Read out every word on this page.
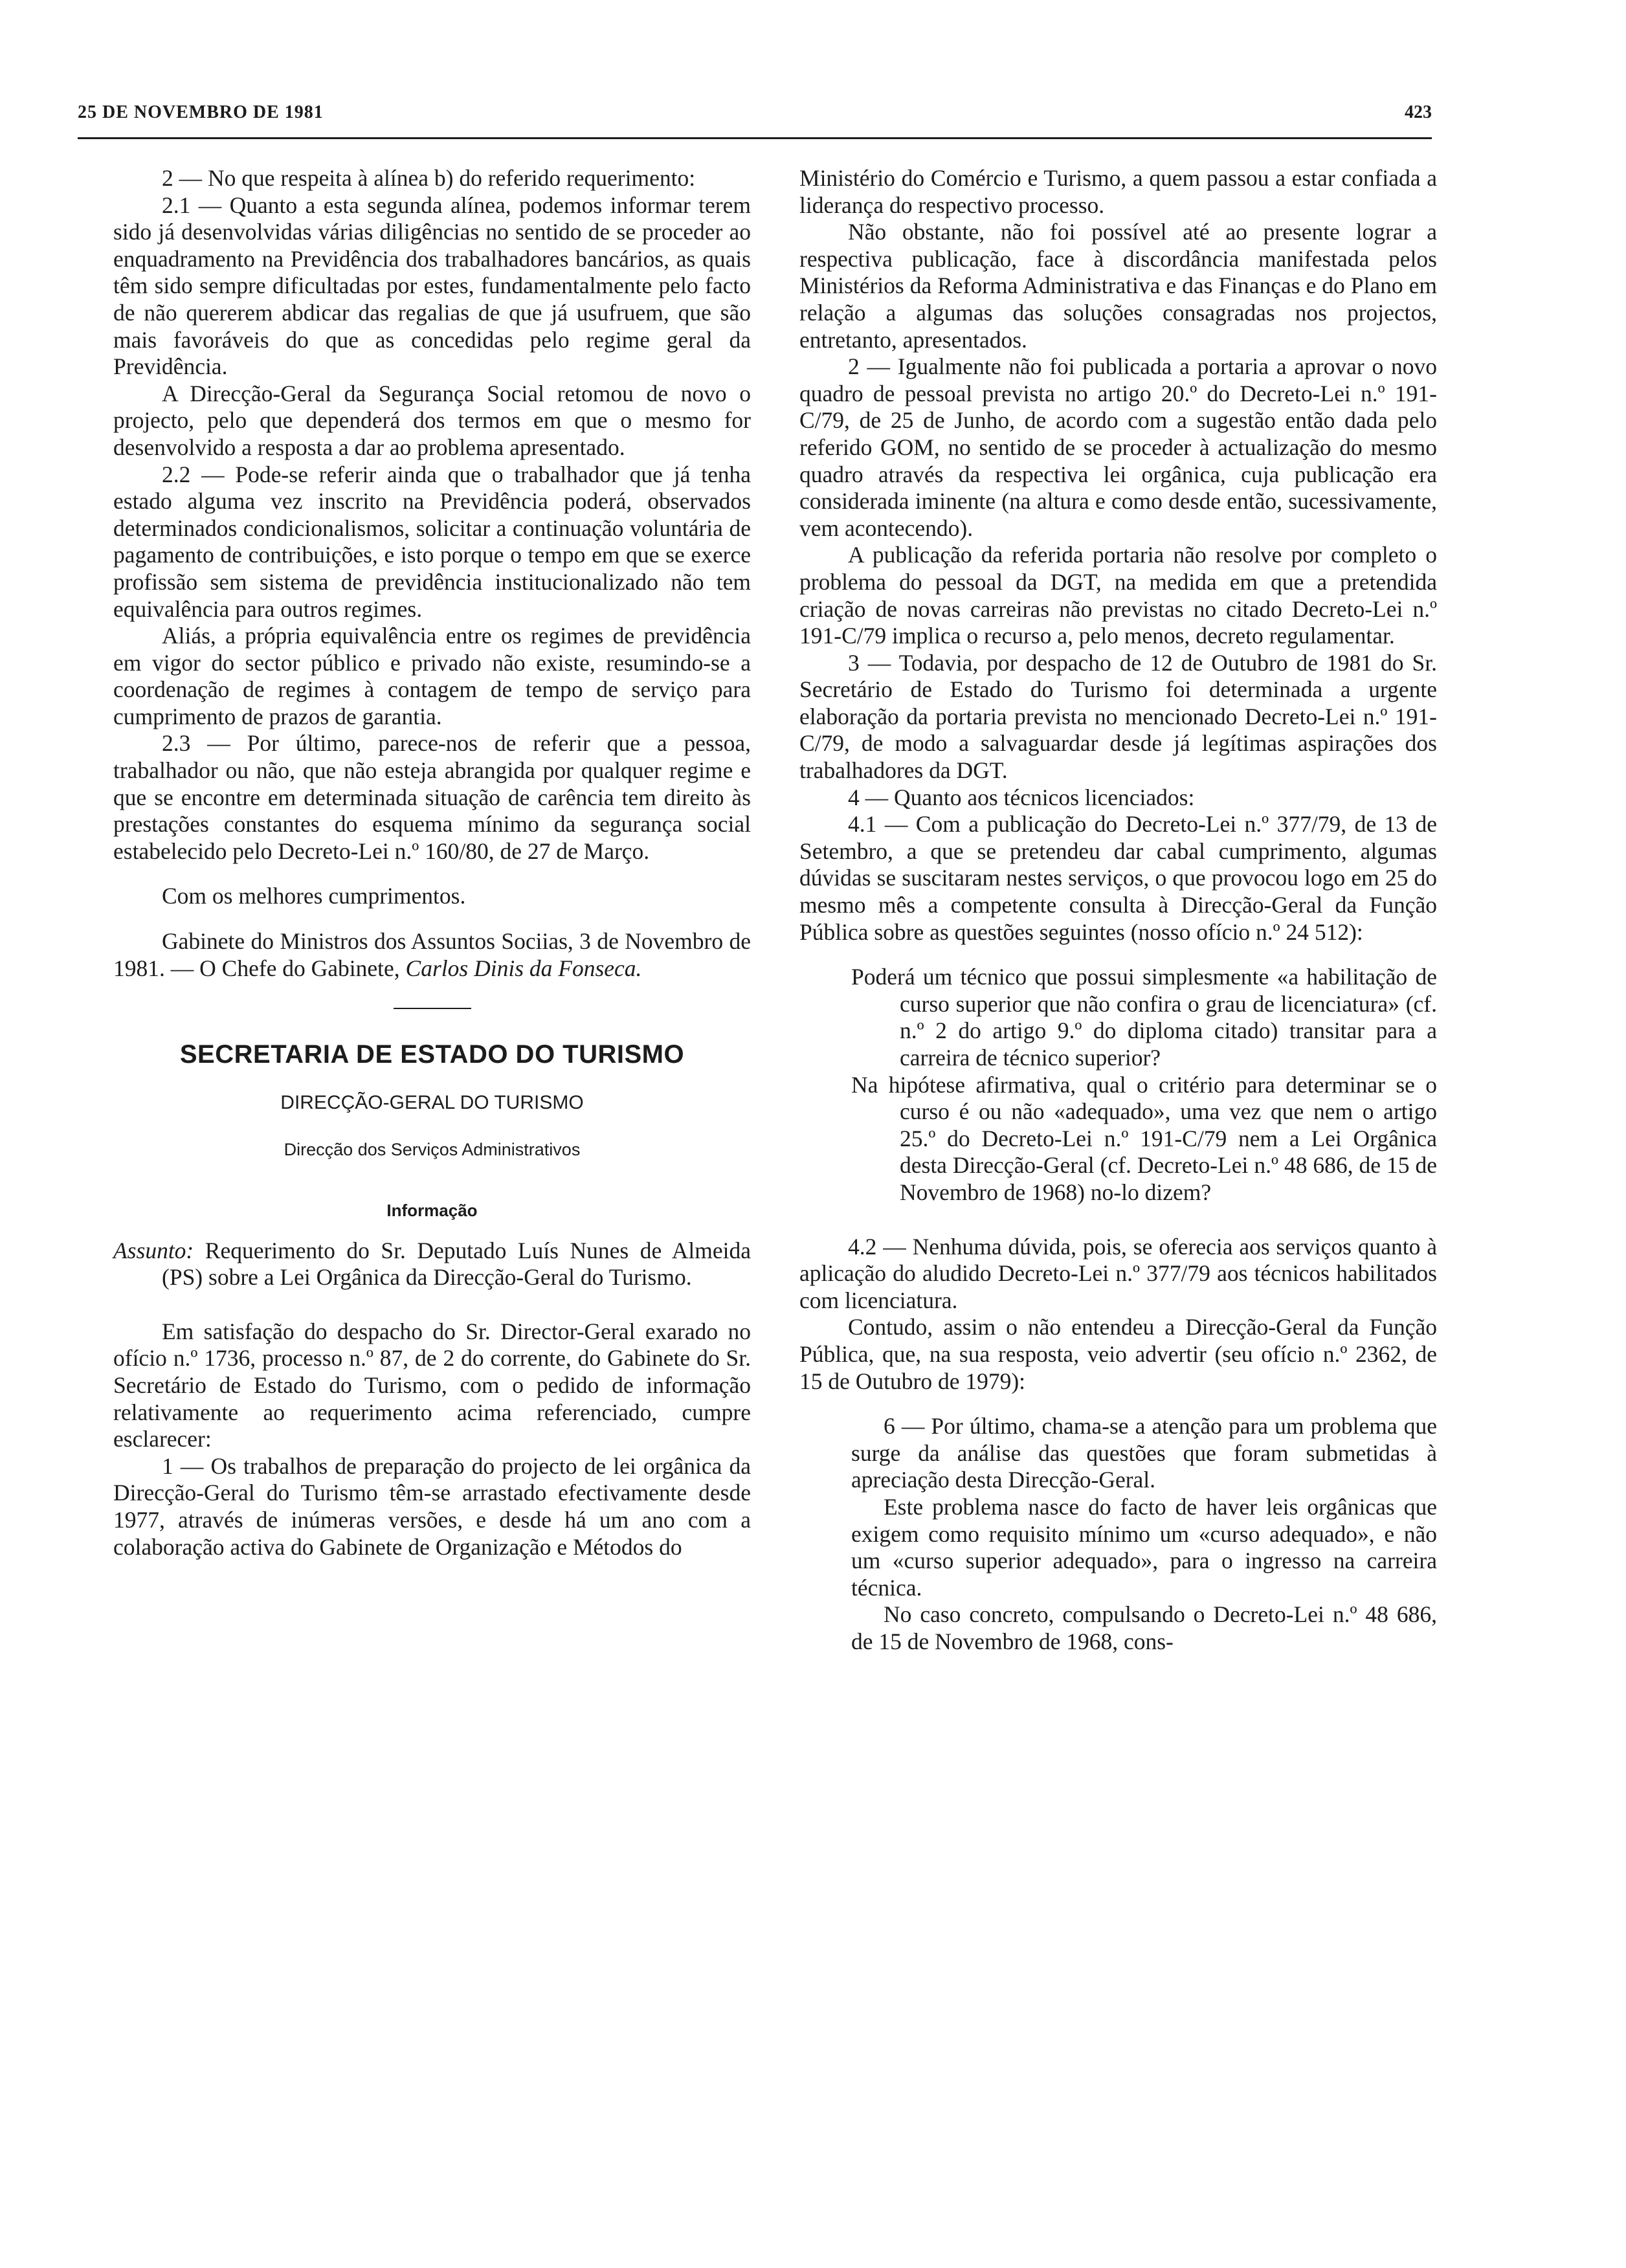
25 DE NOVEMBRO DE 1981	423

2 — No que respeita à alínea b) do referido requerimento:

2.1 — Quanto a esta segunda alínea, podemos informar terem sido já desenvolvidas várias diligências no sentido de se proceder ao enquadramento na Previdência dos trabalhadores bancários, as quais têm sido sempre dificultadas por estes, fundamentalmente pelo facto de não quererem abdicar das regalias de que já usufruem, que são mais favoráveis do que as concedidas pelo regime geral da Previdência.

A Direcção-Geral da Segurança Social retomou de novo o projecto, pelo que dependerá dos termos em que o mesmo for desenvolvido a resposta a dar ao problema apresentado.

2.2 — Pode-se referir ainda que o trabalhador que já tenha estado alguma vez inscrito na Previdência poderá, observados determinados condicionalismos, solicitar a continuação voluntária de pagamento de contribuições, e isto porque o tempo em que se exerce profissão sem sistema de previdência institucionalizado não tem equivalência para outros regimes.

Aliás, a própria equivalência entre os regimes de previdência em vigor do sector público e privado não existe, resumindo-se a coordenação de regimes à contagem de tempo de serviço para cumprimento de prazos de garantia.

2.3 — Por último, parece-nos de referir que a pessoa, trabalhador ou não, que não esteja abrangida por qualquer regime e que se encontre em determinada situação de carência tem direito às prestações constantes do esquema mínimo da segurança social estabelecido pelo Decreto-Lei n.º 160/80, de 27 de Março.

Com os melhores cumprimentos.

Gabinete do Ministros dos Assuntos Sociias, 3 de Novembro de 1981. — O Chefe do Gabinete, Carlos Dinis da Fonseca.

SECRETARIA DE ESTADO DO TURISMO
DIRECÇÃO-GERAL DO TURISMO
Direcção dos Serviços Administrativos
Informação

Assunto: Requerimento do Sr. Deputado Luís Nunes de Almeida (PS) sobre a Lei Orgânica da Direcção-Geral do Turismo.

Em satisfação do despacho do Sr. Director-Geral exarado no ofício n.º 1736, processo n.º 87, de 2 do corrente, do Gabinete do Sr. Secretário de Estado do Turismo, com o pedido de informação relativamente ao requerimento acima referenciado, cumpre esclarecer:

1 — Os trabalhos de preparação do projecto de lei orgânica da Direcção-Geral do Turismo têm-se arrastado efectivamente desde 1977, através de inúmeras versões, e desde há um ano com a colaboração activa do Gabinete de Organização e Métodos do

Ministério do Comércio e Turismo, a quem passou a estar confiada a liderança do respectivo processo.

Não obstante, não foi possível até ao presente lograr a respectiva publicação, face à discordância manifestada pelos Ministérios da Reforma Administrativa e das Finanças e do Plano em relação a algumas das soluções consagradas nos projectos, entretanto, apresentados.

2 — Igualmente não foi publicada a portaria a aprovar o novo quadro de pessoal prevista no artigo 20.º do Decreto-Lei n.º 191-C/79, de 25 de Junho, de acordo com a sugestão então dada pelo referido GOM, no sentido de se proceder à actualização do mesmo quadro através da respectiva lei orgânica, cuja publicação era considerada iminente (na altura e como desde então, sucessivamente, vem acontecendo).

A publicação da referida portaria não resolve por completo o problema do pessoal da DGT, na medida em que a pretendida criação de novas carreiras não previstas no citado Decreto-Lei n.º 191-C/79 implica o recurso a, pelo menos, decreto regulamentar.

3 — Todavia, por despacho de 12 de Outubro de 1981 do Sr. Secretário de Estado do Turismo foi determinada a urgente elaboração da portaria prevista no mencionado Decreto-Lei n.º 191-C/79, de modo a salvaguardar desde já legítimas aspirações dos trabalhadores da DGT.

4 — Quanto aos técnicos licenciados:

4.1 — Com a publicação do Decreto-Lei n.º 377/79, de 13 de Setembro, a que se pretendeu dar cabal cumprimento, algumas dúvidas se suscitaram nestes serviços, o que provocou logo em 25 do mesmo mês a competente consulta à Direcção-Geral da Função Pública sobre as questões seguintes (nosso ofício n.º 24 512):

Poderá um técnico que possui simplesmente «a habilitação de curso superior que não confira o grau de licenciatura» (cf. n.º 2 do artigo 9.º do diploma citado) transitar para a carreira de técnico superior?

Na hipótese afirmativa, qual o critério para determinar se o curso é ou não «adequado», uma vez que nem o artigo 25.º do Decreto-Lei n.º 191-C/79 nem a Lei Orgânica desta Direcção-Geral (cf. Decreto-Lei n.º 48 686, de 15 de Novembro de 1968) no-lo dizem?

4.2 — Nenhuma dúvida, pois, se oferecia aos serviços quanto à aplicação do aludido Decreto-Lei n.º 377/79 aos técnicos habilitados com licenciatura.

Contudo, assim o não entendeu a Direcção-Geral da Função Pública, que, na sua resposta, veio advertir (seu ofício n.º 2362, de 15 de Outubro de 1979):

6 — Por último, chama-se a atenção para um problema que surge da análise das questões que foram submetidas à apreciação desta Direcção-Geral.

Este problema nasce do facto de haver leis orgânicas que exigem como requisito mínimo um «curso adequado», e não um «curso superior adequado», para o ingresso na carreira técnica.

No caso concreto, compulsando o Decreto-Lei n.º 48 686, de 15 de Novembro de 1968, cons-
